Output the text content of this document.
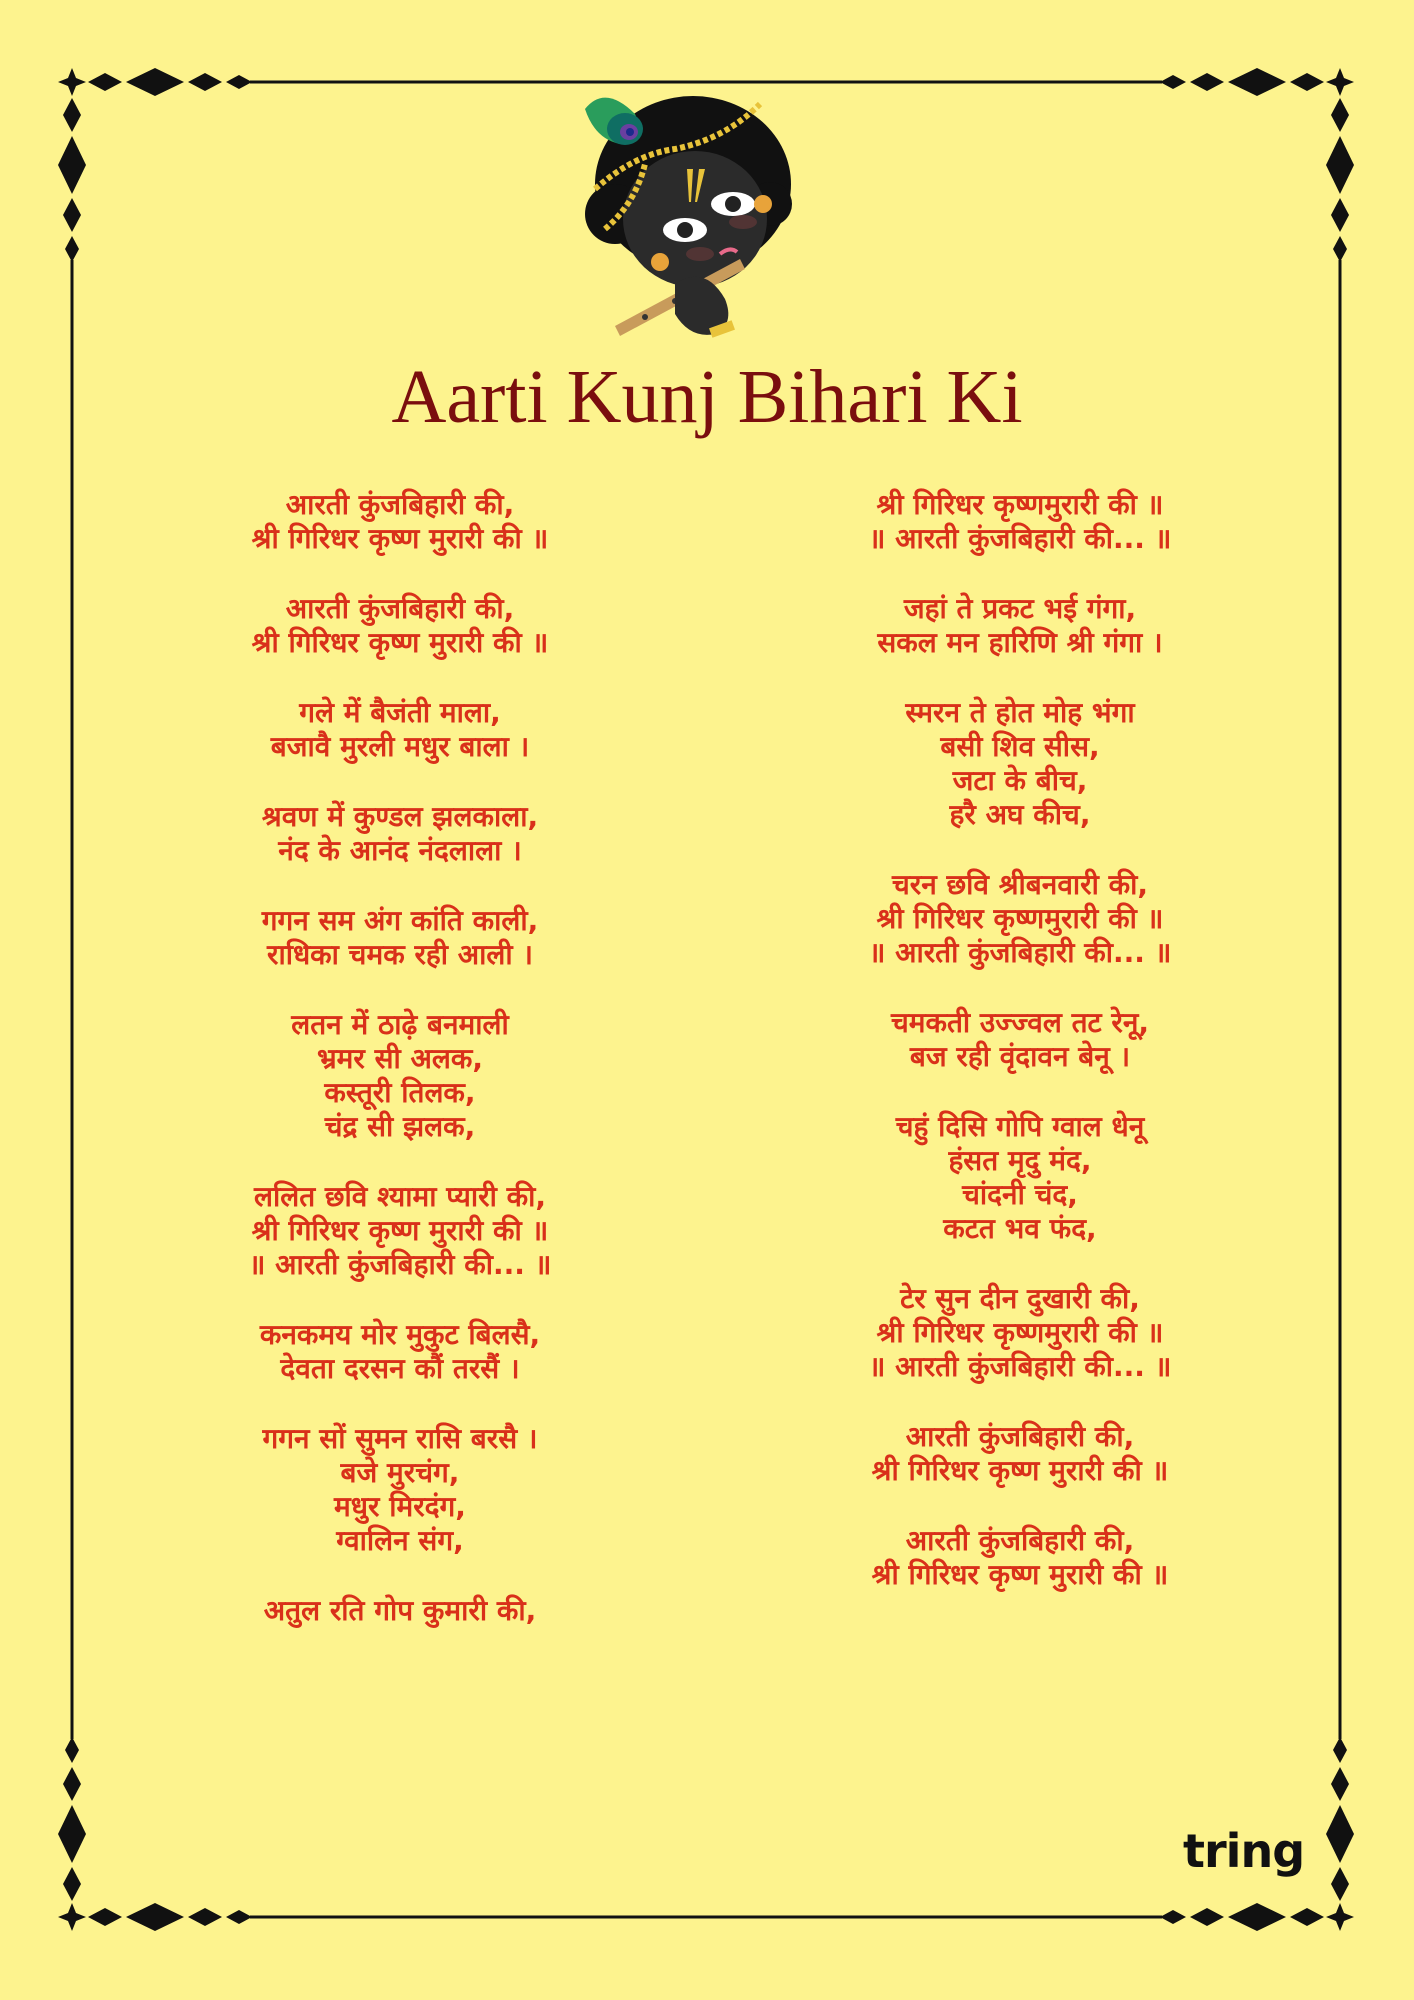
Aarti Kunj Bihari Ki
आरती कुंजबिहारी की,
श्री गिरिधर कृष्ण मुरारी की ॥
आरती कुंजबिहारी की,
श्री गिरिधर कृष्ण मुरारी की ॥
गले में बैजंती माला,
बजावै मुरली मधुर बाला ।
श्रवण में कुण्डल झलकाला,
नंद के आनंद नंदलाला ।
गगन सम अंग कांति काली,
राधिका चमक रही आली ।
लतन में ठाढ़े बनमाली
भ्रमर सी अलक,
कस्तूरी तिलक,
चंद्र सी झलक,
ललित छवि श्यामा प्यारी की,
श्री गिरिधर कृष्ण मुरारी की ॥
॥ आरती कुंजबिहारी की... ॥
कनकमय मोर मुकुट बिलसै,
देवता दरसन कौं तरसैं ।
गगन सों सुमन रासि बरसै ।
बजे मुरचंग,
मधुर मिरदंग,
ग्वालिन संग,
अतुल रति गोप कुमारी की,
श्री गिरिधर कृष्णमुरारी की ॥
॥ आरती कुंजबिहारी की... ॥
जहां ते प्रकट भई गंगा,
सकल मन हारिणि श्री गंगा ।
स्मरन ते होत मोह भंगा
बसी शिव सीस,
जटा के बीच,
हरै अघ कीच,
चरन छवि श्रीबनवारी की,
श्री गिरिधर कृष्णमुरारी की ॥
॥ आरती कुंजबिहारी की... ॥
चमकती उज्ज्वल तट रेनू,
बज रही वृंदावन बेनू ।
चहुं दिसि गोपि ग्वाल धेनू
हंसत मृदु मंद,
चांदनी चंद,
कटत भव फंद,
टेर सुन दीन दुखारी की,
श्री गिरिधर कृष्णमुरारी की ॥
॥ आरती कुंजबिहारी की... ॥
आरती कुंजबिहारी की,
श्री गिरिधर कृष्ण मुरारी की ॥
आरती कुंजबिहारी की,
श्री गिरिधर कृष्ण मुरारी की ॥
tring
